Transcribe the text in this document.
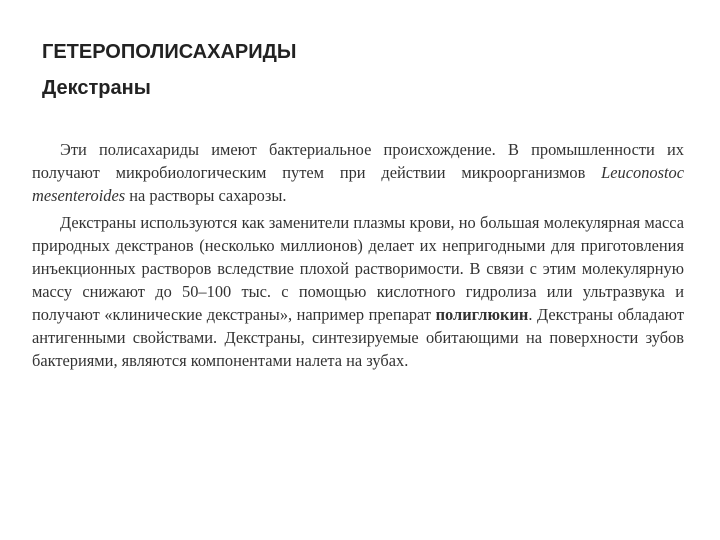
ГЕТЕРОПОЛИСАХАРИДЫ
Декстраны

Эти полисахариды имеют бактериальное происхождение. В промышленности их получают микробиологическим путем при действии микроорганизмов Leuconostoc mesenteroides на растворы сахарозы.

Декстраны используются как заменители плазмы крови, но большая молекулярная масса природных декстранов (несколько миллионов) делает их непригодными для приготовления инъекционных растворов вследствие плохой растворимости. В связи с этим молекулярную массу снижают до 50–100 тыс. с помощью кислотного гидролиза или ультразвука и получают «клинические декстраны», например препарат полиглюкин. Декстраны обладают антигенными свойствами. Декстраны, синтезируемые обитающими на поверхности зубов бактериями, являются компонентами налета на зубах.
